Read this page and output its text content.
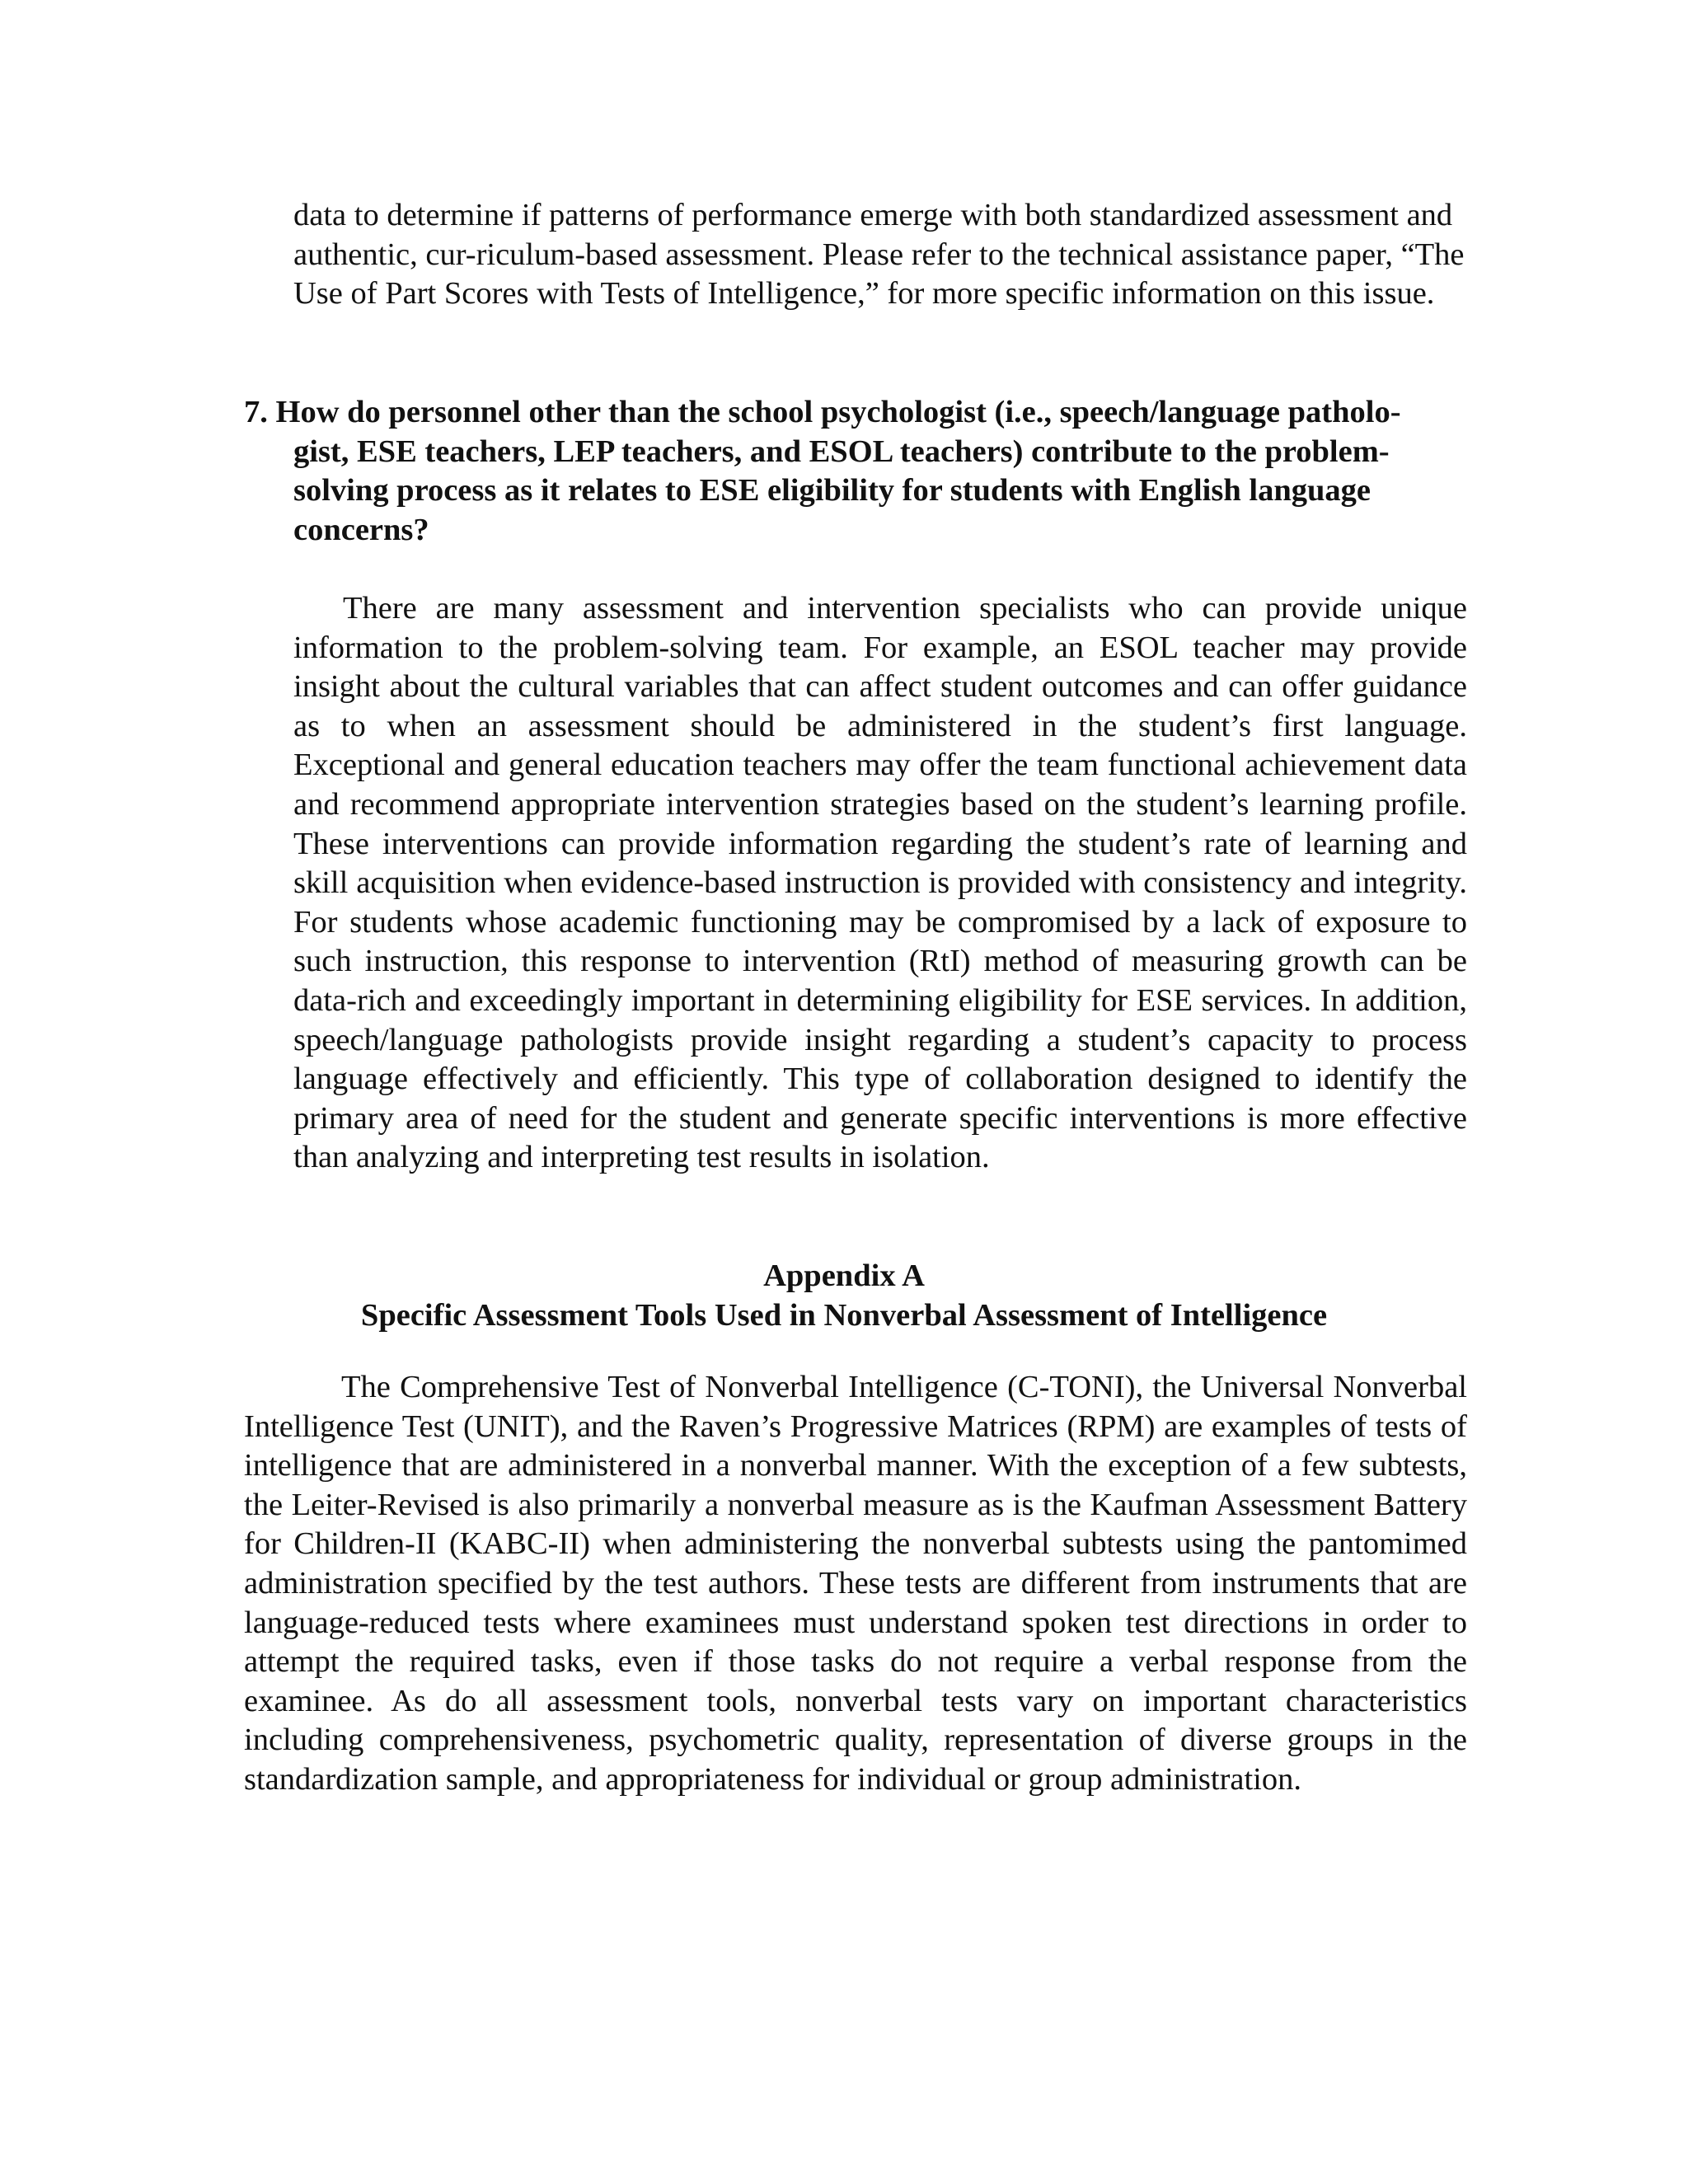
data to determine if patterns of performance emerge with both standardized assessment and authentic, cur-riculum-based assessment. Please refer to the technical assistance paper, “The Use of Part Scores with Tests of Intelligence,” for more specific information on this issue.

7. How do personnel other than the school psychologist (i.e., speech/language patholo-gist, ESE teachers, LEP teachers, and ESOL teachers) contribute to the problem-solving process as it relates to ESE eligibility for students with English language concerns?

There are many assessment and intervention specialists who can provide unique information to the problem-solving team. For example, an ESOL teacher may provide insight about the cultural variables that can affect student outcomes and can offer guidance as to when an assessment should be administered in the student’s first language. Exceptional and general education teachers may offer the team functional achievement data and recommend appropriate intervention strategies based on the student’s learning profile. These interventions can provide information regarding the student’s rate of learning and skill acquisition when evidence-based instruction is provided with consistency and integrity. For students whose academic functioning may be compromised by a lack of exposure to such instruction, this response to intervention (RtI) method of measuring growth can be data-rich and exceedingly important in determining eligibility for ESE services. In addition, speech/language pathologists provide insight regarding a student’s capacity to process language effectively and efficiently. This type of collaboration designed to identify the primary area of need for the student and generate specific interventions is more effective than analyzing and interpreting test results in isolation.

Appendix A
Specific Assessment Tools Used in Nonverbal Assessment of Intelligence

The Comprehensive Test of Nonverbal Intelligence (C-TONI), the Universal Nonverbal Intelligence Test (UNIT), and the Raven’s Progressive Matrices (RPM) are examples of tests of intelligence that are administered in a nonverbal manner. With the exception of a few subtests, the Leiter-Revised is also primarily a nonverbal measure as is the Kaufman Assessment Battery for Children-II (KABC-II) when administering the nonverbal subtests using the pantomimed administration specified by the test authors. These tests are different from instruments that are language-reduced tests where examinees must understand spoken test directions in order to attempt the required tasks, even if those tasks do not require a verbal response from the examinee. As do all assessment tools, nonverbal tests vary on important characteristics including comprehensiveness, psychometric quality, representation of diverse groups in the standardization sample, and appropriateness for individual or group administration.
